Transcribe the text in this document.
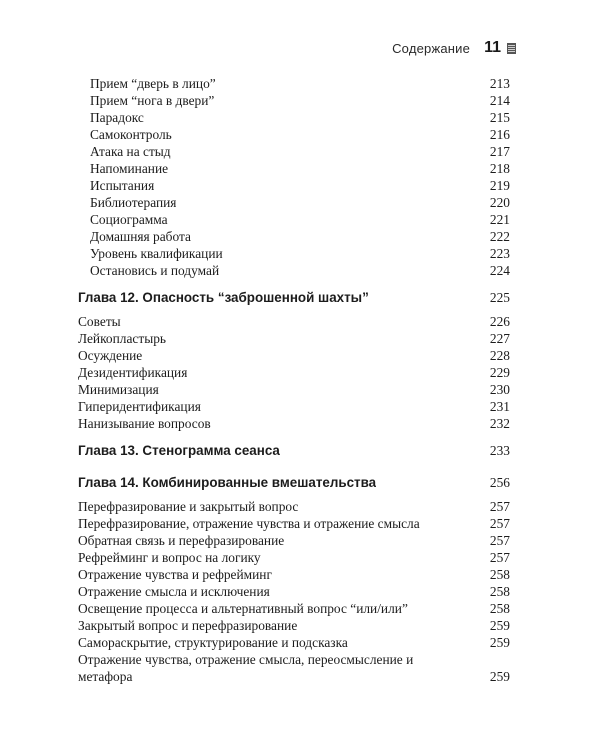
Содержание 11
Прием “дверь в лицо”	213
Прием “нога в двери”	214
Парадокс	215
Самоконтроль	216
Атака на стыд	217
Напоминание	218
Испытания	219
Библиотерапия	220
Социограмма	221
Домашняя работа	222
Уровень квалификации	223
Остановись и подумай	224
Глава 12. Опасность “заброшенной шахты”	225
Советы	226
Лейкопластырь	227
Осуждение	228
Дезидентификация	229
Минимизация	230
Гиперидентификация	231
Нанизывание вопросов	232
Глава 13. Стенограмма сеанса	233
Глава 14. Комбинированные вмешательства	256
Перефразирование и закрытый вопрос	257
Перефразирование, отражение чувства и отражение смысла	257
Обратная связь и перефразирование	257
Рефрейминг и вопрос на логику	257
Отражение чувства и рефрейминг	258
Отражение смысла и исключения	258
Освещение процесса и альтернативный вопрос “или/или”	258
Закрытый вопрос и перефразирование	259
Самораскрытие, структурирование и подсказка	259
Отражение чувства, отражение смысла, переосмысление и метафора	259
